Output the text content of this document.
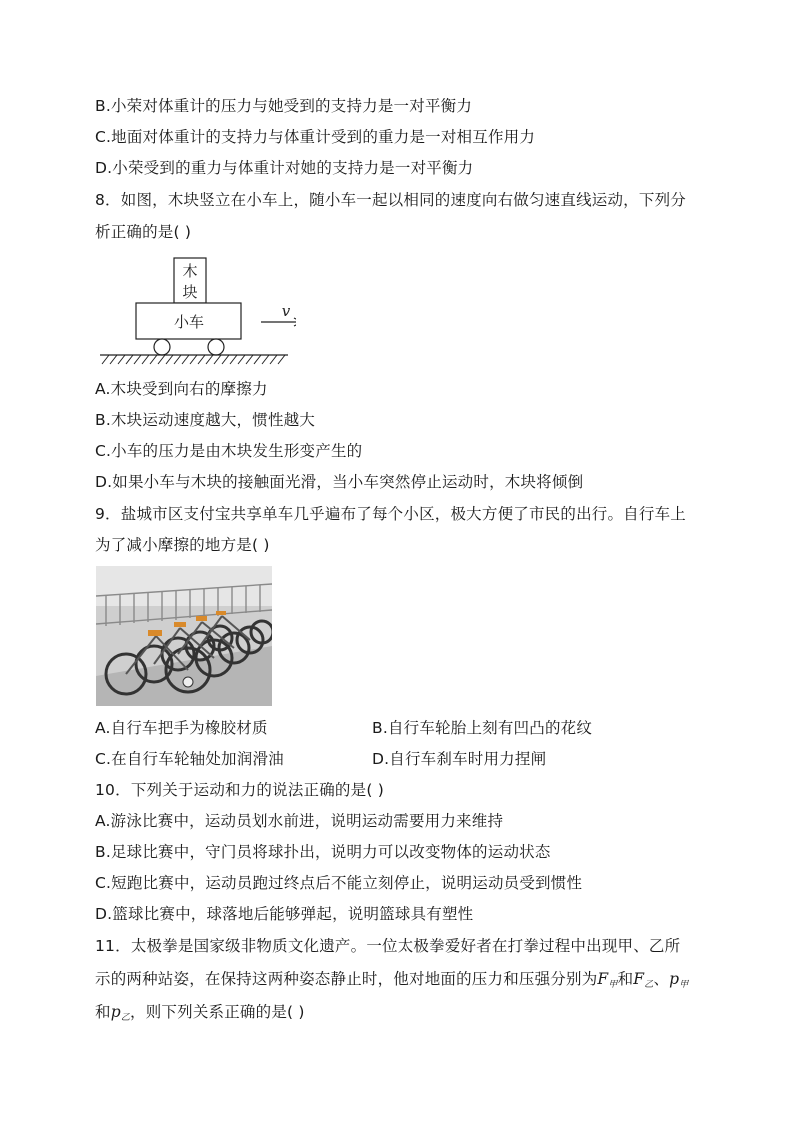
B.小荣对体重计的压力与她受到的支持力是一对平衡力
C.地面对体重计的支持力与体重计受到的重力是一对相互作用力
D.小荣受到的重力与体重计对她的支持力是一对平衡力
8．如图，木块竖立在小车上，随小车一起以相同的速度向右做匀速直线运动，下列分
析正确的是( )
木
块
小车
v
A.木块受到向右的摩擦力
B.木块运动速度越大，惯性越大
C.小车的压力是由木块发生形变产生的
D.如果小车与木块的接触面光滑，当小车突然停止运动时，木块将倾倒
9．盐城市区支付宝共享单车几乎遍布了每个小区，极大方便了市民的出行。自行车上
为了减小摩擦的地方是( )
A.自行车把手为橡胶材质	B.自行车轮胎上刻有凹凸的花纹
C.在自行车轮轴处加润滑油	D.自行车刹车时用力捏闸
10．下列关于运动和力的说法正确的是( )
A.游泳比赛中，运动员划水前进，说明运动需要用力来维持
B.足球比赛中，守门员将球扑出，说明力可以改变物体的运动状态
C.短跑比赛中，运动员跑过终点后不能立刻停止，说明运动员受到惯性
D.篮球比赛中，球落地后能够弹起，说明篮球具有塑性
11．太极拳是国家级非物质文化遗产。一位太极拳爱好者在打拳过程中出现甲、乙所
示的两种站姿，在保持这两种姿态静止时，他对地面的压力和压强分别为$F_甲$和$F_乙$、$p_甲$
和$p_乙$，则下列关系正确的是( )
